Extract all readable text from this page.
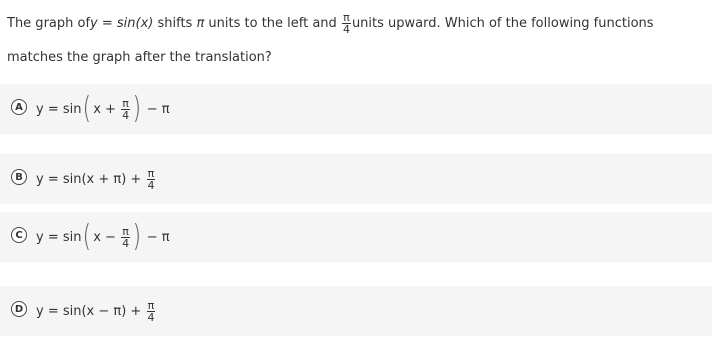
The graph of y = sin(x) shifts π units to the left and $\frac{\pi}{4}$ units upward. Which of the following functions
matches the graph after the translation?
A	y = sin ( $x + \frac{\pi}{4}$ ) − π
B	$y = \sin(x + \pi) + \frac{\pi}{4}$
C	y = sin ( $x - \frac{\pi}{4}$ ) − π
D $y = \sin(x - \pi) + \frac{\pi}{4}$
